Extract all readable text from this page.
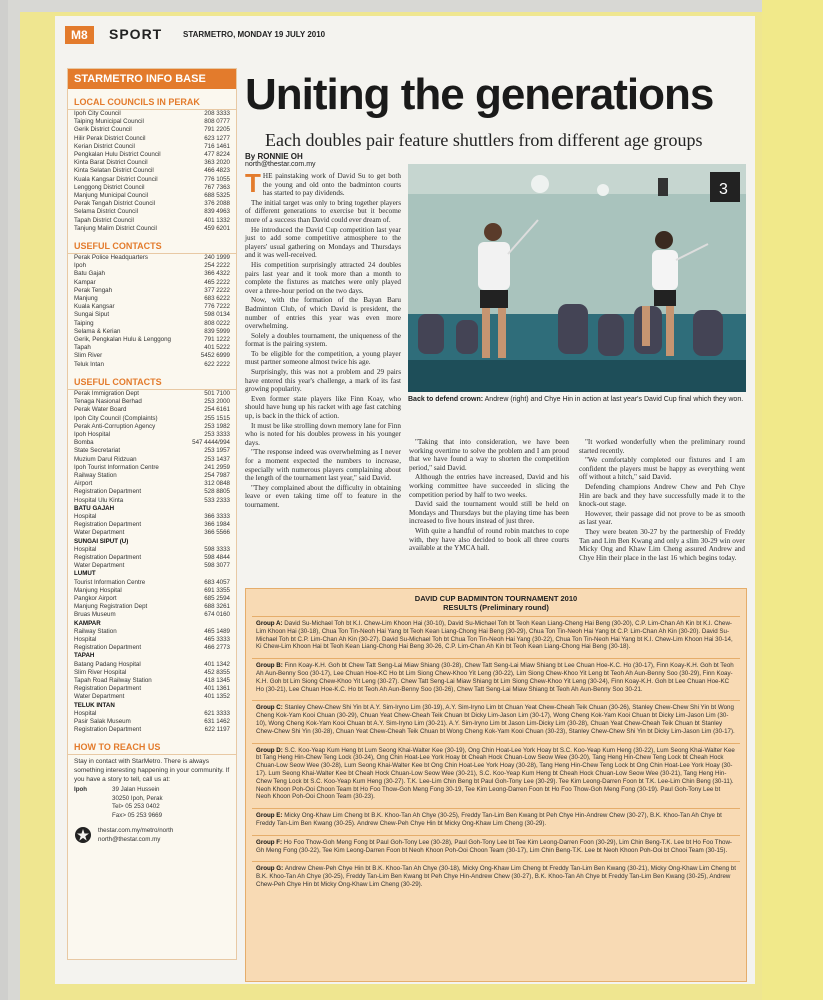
M8	SPORT	STARMETRO, MONDAY 19 JULY 2010
STARMETRO INFO BASE
LOCAL COUNCILS IN PERAK
Ipoh City Council	208 3333
Taiping Municipal Council	808 0777
Gerik District Council	791 2205
Hilir Perak District Council	623 1277
Kerian District Council	716 1461
Pengkalan Hulu District Council	477 8224
Kinta Barat District Council	363 2020
Kinta Selatan District Council	466 4823
Kuala Kangsar District Council	776 1055
Lenggong District Council	767 7363
Manjung Municipal Council	688 5325
Perak Tengah District Council	376 2088
Selama District Council	839 4963
Tapah District Council	401 1332
Tanjung Malim District Council	459 6201
USEFUL CONTACTS
Perak Police Headquarters	240 1999
Ipoh	254 2222
Batu Gajah	366 4322
Kampar	465 2222
Perak Tengah	377 2222
Manjung	683 6222
Kuala Kangsar	776 7222
Sungai Siput	598 0134
Taiping	808 0222
Selama & Kerian	839 5999
Gerik, Pengkalan Hulu & Lenggong	791 1222
Tapah	401 5222
Slim River	5452 6999
Teluk Intan	622 2222
USEFUL CONTACTS
Perak Immigration Dept	501 7100
Tenaga Nasional Berhad	253 2000
Perak Water Board	254 6161
Ipoh City Council (Complaints)	255 1515
Perak Anti-Corruption Agency	253 1982
Ipoh Hospital	253 3333
Bomba	547 4444/994
State Secretariat	253 1957
Muzium Darul Ridzuan	253 1437
Ipoh Tourist Information Centre	241 2959
Railway Station	254 7987
Airport	312 0848
Registration Department	528 8805
Hospital Ulu Kinta	533 2333
BATU GAJAH
Hospital	366 3333
Registration Department	366 1984
Water Department	366 5566
SUNGAI SIPUT (U)
Hospital	598 3333
Registration Department	598 4844
Water Department	598 3077
LUMUT
Tourist Information Centre	683 4057
Manjung Hospital	691 3355
Pangkor Airport	685 2594
Manjung Registration Dept	688 3261
Bruas Museum	674 0160
KAMPAR
Railway Station	465 1489
Hospital	465 3333
Registration Department	466 2773
TAPAH
Batang Padang Hospital	401 1342
Slim River Hospital	452 8355
Tapah Road Railway Station	418 1345
Registration Department	401 1361
Water Department	401 1352
TELUK INTAN
Hospital	621 3333
Pasir Salak Museum	631 1462
Registration Department	622 1197
HOW TO REACH US
Stay in contact with StarMetro. There is always something interesting happening in your community. If you have a story to tell, call us at:
Ipoh	39 Jalan Hussein
30250 Ipoh, Perak
Tel> 05 253 0402
Fax> 05 253 9669
thestar.com.my/metro/north
north@thestar.com.my
Uniting the generations
Each doubles pair feature shuttlers from different age groups
By RONNIE OH
north@thestar.com.my

THE painstaking work of David Su to get both the young and old onto the badminton courts has started to pay dividends.

The initial target was only to bring together players of different generations to exercise but it become more of a success than David could ever dream of.

He introduced the David Cup competition last year just to add some competitive atmosphere to the players' usual gathering on Mondays and Thursdays and it was well-received.

His competition surprisingly attracted 24 doubles pairs last year and it took more than a month to complete the fixtures as matches were only played over a three-hour period on the two days.

Now, with the formation of the Bayan Baru Badminton Club, of which David is president, the number of entries this year was even more overwhelming.

Solely a doubles tournament, the uniqueness of the format is the pairing system.

To be eligible for the competition, a young player must partner someone almost twice his age.

Surprisingly, this was not a problem and 29 pairs have entered this year's challenge, a mark of its fast growing popularity.

Even former state players like Finn Koay, who should have hung up his racket with age fast catching up, is back in the thick of action.

It must be like strolling down memory lane for Finn who is noted for his doubles prowess in his younger days.

"The response indeed was overwhelming as I never for a moment expected the numbers to increase, especially with numerous players complaining about the length of the tournament last year," said David.

"They complained about the difficulty in obtaining leave or even taking time off to feature in the tournament.

"Taking that into consideration, we have been working overtime to solve the problem and I am proud that we have found a way to shorten the competition period," said David.

Although the entries have increased, David and his working committee have succeeded in slicing the competition period by half to two weeks.

David said the tournament would still be held on Mondays and Thursdays but the playing time has been increased to five hours instead of just three.

With quite a handful of round robin matches to cope with, they have also decided to book all three courts available at the YMCA hall.

"It worked wonderfully when the preliminary round started recently.

"We comfortably completed our fixtures and I am confident the players must be happy as everything went off without a hitch," said David.

Defending champions Andrew Chew and Peh Chye Hin are back and they have successfully made it to the knock-out stage.

However, their passage did not prove to be as smooth as last year.

They were beaten 30-27 by the partnership of Freddy Tan and Lim Ben Kwang and only a slim 30-29 win over Micky Ong and Khaw Lim Cheng assured Andrew and Chye Hin their place in the last 16 which begins today.

3
Back to defend crown: Andrew (right) and Chye Hin in action at last year's David Cup final which they won.
DAVID CUP BADMINTON TOURNAMENT 2010
RESULTS (Preliminary round)
Group A: David Su-Michael Toh bt K.I. Chew-Lim Khoon Hai (30-10), David Su-Michael Toh bt Teoh Kean Liang-Cheng Hai Beng (30-20), C.P. Lim-Chan Ah Kin bt K.I. Chew-Lim Khoon Hai (30-18), Chua Ton Tin-Neoh Hai Yang bt Teoh Kean Liang-Chong Hai Beng (30-29), Chua Ton Tin-Neoh Hai Yang bt C.P. Lim-Chan Ah Kin (30-20). David Su-Michael Toh bt C.P. Lim-Chan Ah Kin (30-27). David Su-Michael Toh bt Chua Ton Tin-Neoh Hai Yang (30-22), Chua Ton Tin-Neoh Hai Yang bt K.I. Chew-Lim Khoon Hai 30-14, Ki Chew-Lim Khoon Hai bt Teoh Kean Liang-Chong Hai Beng 30-26, C.P. Lim-Chan Ah Kin bt Teoh Kean Liang-Chong Hai Beng (30-18).
Group B: Finn Koay-K.H. Goh bt Chew Tatt Seng-Lai Miaw Shiang (30-28), Chew Tatt Seng-Lai Miaw Shiang bt Lee Chuan Hoe-K.C. Ho (30-17), Finn Koay-K.H. Goh bt Teoh Ah Aun-Benny Soo (30-17), Lee Chuan Hoe-KC Ho bt Lim Siong Chew-Khoo Yit Leng (30-22), Lim Siong Chew-Khoo Yit Leng bt Teoh Ah Aun-Benny Soo (30-29), Finn Koay-K.H. Goh bt Lim Siong Chew-Khoo Yit Leng (30-27). Chew Tatt Seng-Lai Miaw Shiang bt Lim Siong Chew-Khoo Yit Leng (30-24), Finn Koay-K.H. Goh bt Lee Chuan Hoe-KC Ho (30-21), Lee Chuan Hoe-K.C. Ho bt Teoh Ah Aun-Benny Soo (30-26), Chew Tatt Seng-Lai Miaw Shiang bt Teoh Ah Aun-Benny Soo 30-21.
Group C: Stanley Chew-Chew Shi Yin bt A.Y. Sim-Iryno Lim (30-19), A.Y. Sim-Iryno Lim bt Chuan Yeat Chew-Cheah Teik Chuan (30-26), Stanley Chew-Chew Shi Yin bt Wong Cheng Kok-Yam Kooi Chuan (30-29), Chuan Yeat Chew-Cheah Teik Chuan bt Dicky Lim-Jason Lim (30-17), Wong Cheng Kok-Yam Kooi Chuan bt Dicky Lim-Jason Lim (30-10), Wong Cheng Kok-Yam Kooi Chuan bt A.Y. Sim-Iryno Lim (30-21). A.Y. Sim-Iryno Lim bt Jason Lim-Dicky Lim (30-28), Chuan Yeat Chew-Cheah Teik Chuan bt Stanley Chew-Chew Shi Yin (30-28), Chuan Yeat Chew-Cheah Teik Chuan bt Wong Cheng Kok-Yam Kooi Chuan (30-23), Stanley Chew-Chew Shi Yin bt Dicky Lim-Jason Lim (30-17).
Group D: S.C. Koo-Yeap Kum Heng bt Lum Seong Khai-Walter Kee (30-19), Ong Chin Hoat-Lee York Hoay bt S.C. Koo-Yeap Kum Heng (30-22), Lum Seong Khai-Walter Kee bt Tang Heng Hin-Chew Teng Lock (30-24), Ong Chin Hoat-Lee York Hoay bt Cheah Hock Chuan-Low Seow Wee (30-20), Tang Heng Hin-Chew Teng Lock bt Cheah Hock Chuan-Low Seow Wee (30-28), Lum Seong Khai-Walter Kee bt Ong Chin Hoat-Lee York Hoay (30-28), Tang Heng Hin-Chew Teng Lock bt Ong Chin Hoat-Lee York Hoay (30-17). Lum Seong Khai-Walter Kee bt Cheah Hock Chuan-Low Seow Wee (30-21), S.C. Koo-Yeap Kum Heng bt Cheah Hock Chuan-Low Seow Wee (30-21), Tang Heng Hin-Chew Teng Lock bt S.C. Koo-Yeap Kum Heng (30-27). T.K. Lee-Lim Chin Beng bt Paul Goh-Tony Lee (30-29). Tee Kim Leong-Darren Foon bt T.K. Lee-Lim Chin Beng (30-11). Neoh Khoon Poh-Ooi Choon Team bt Ho Foo Thow-Goh Meng Fong 30-19, Tee Kim Leong-Darren Foon bt Ho Foo Thow-Goh Meng Fong (30-19). Paul Goh-Tony Lee bt Neoh Khoon Poh-Ooi Choon Team (30-23).
Group E: Micky Ong-Khaw Lim Cheng bt B.K. Khoo-Tan Ah Chye (30-25), Freddy Tan-Lim Ben Kwang bt Peh Chye Hin-Andrew Chew (30-27), B.K. Khoo-Tan Ah Chye bt Freddy Tan-Lim Ben Kwang (30-25). Andrew Chew-Peh Chye Hin bt Micky Ong-Khaw Lim Cheng (30-29).
Group F: Ho Foo Thow-Goh Meng Fong bt Paul Goh-Tony Lee (30-28), Paul Goh-Tony Lee bt Tee Kim Leong-Darren Foon (30-29), Lim Chin Beng-T.K. Lee bt Ho Foo Thow-Gh Meng Fong (30-22), Tee Kim Leong-Darren Foon bt Neoh Khoon Poh-Ooi Choon Team (30-17), Lim Chin Beng-T.K. Lee bt Neoh Khoon Poh-Ooi bt Chooi Team (30-15).
Group G: Andrew Chew-Peh Chye Hin bt B.K. Khoo-Tan Ah Chye (30-18), Micky Ong-Khaw Lim Cheng bt Freddy Tan-Lim Ben Kwang (30-21), Micky Ong-Khaw Lim Cheng bt B.K. Khoo-Tan Ah Chye (30-25), Freddy Tan-Lim Ben Kwang bt Peh Chye Hin-Andrew Chew (30-27), B.K. Khoo-Tan Ah Chye bt Freddy Tan-Lim Ben Kwang (30-25), Andrew Chew-Peh Chye Hin bt Micky Ong-Khaw Lim Cheng (30-29).
